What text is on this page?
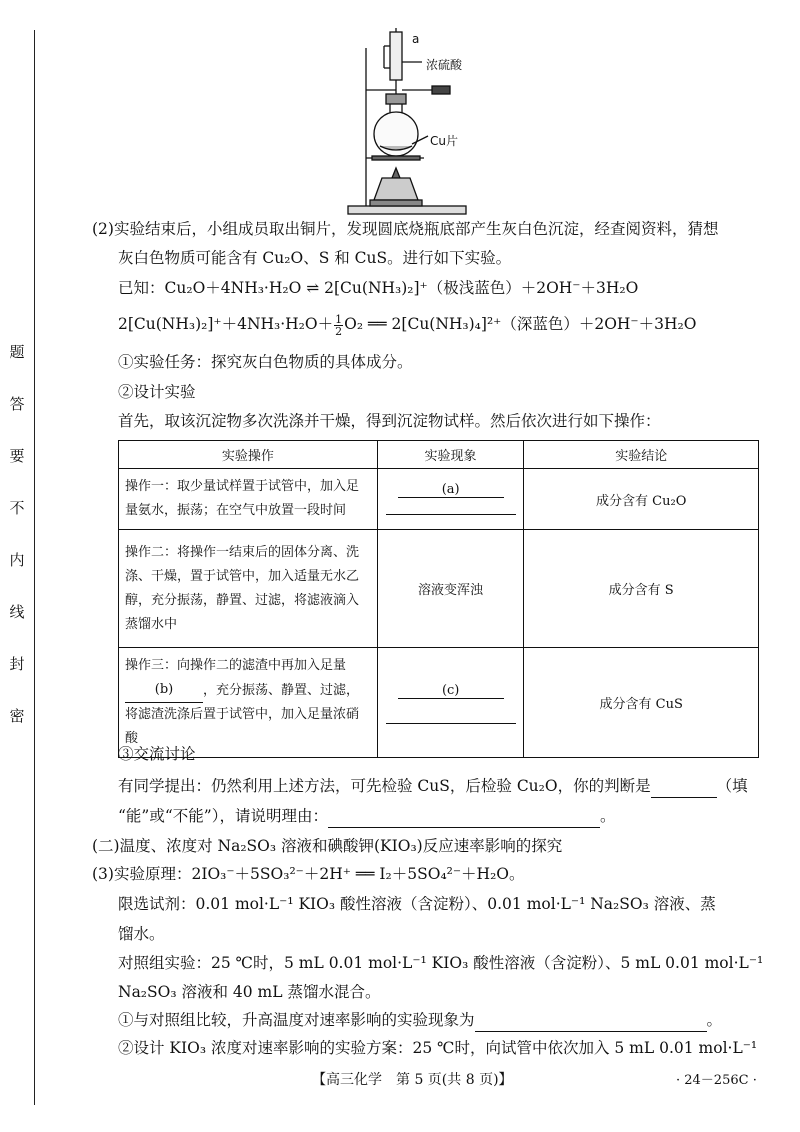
密
封
线
内
不
要
答
题
a
浓硫酸
Cu片
(2)实验结束后，小组成员取出铜片，发现圆底烧瓶底部产生灰白色沉淀，经查阅资料，猜想
灰白色物质可能含有 Cu₂O、S 和 CuS。进行如下实验。
已知：Cu₂O＋4NH₃·H₂O ⇌ 2[Cu(NH₃)₂]⁺（极浅蓝色）＋2OH⁻＋3H₂O
$2[Cu(NH_3)_2]^++4NH_3\cdot H_2O+ \frac{1}{2} O_2$ ══ 2[Cu(NH₃)₄]²⁺（深蓝色）＋2OH⁻＋3H₂O
①实验任务：探究灰白色物质的具体成分。
②设计实验
首先，取该沉淀物多次洗涤并干燥，得到沉淀物试样。然后依次进行如下操作：
实验操作	实验现象	实验结论
操作一：取少量试样置于试管中，加入足量氨水，振荡；在空气中放置一段时间	(a)	成分含有 Cu₂O
操作二：将操作一结束后的固体分离、洗涤、干燥，置于试管中，加入适量无水乙醇，充分振荡，静置、过滤，将滤液滴入蒸馏水中	溶液变浑浊	成分含有 S
操作三：向操作二的滤渣中再加入足量(b) ，充分振荡、静置、过滤，将滤渣洗涤后置于试管中，加入足量浓硝酸	(c)	成分含有 CuS
③交流讨论
有同学提出：仍然利用上述方法，可先检验 CuS，后检验 Cu₂O，你的判断是	（填
“能”或“不能”），请说明理由：	。
(二)温度、浓度对 Na₂SO₃ 溶液和碘酸钾(KIO₃)反应速率影响的探究
(3)实验原理：2IO₃⁻＋5SO₃²⁻＋2H⁺ ══ I₂＋5SO₄²⁻＋H₂O。
限选试剂：0.01 mol·L⁻¹ KIO₃ 酸性溶液（含淀粉）、0.01 mol·L⁻¹ Na₂SO₃ 溶液、蒸
馏水。
对照组实验：25 ℃时，5 mL 0.01 mol·L⁻¹ KIO₃ 酸性溶液（含淀粉）、5 mL 0.01 mol·L⁻¹
Na₂SO₃ 溶液和 40 mL 蒸馏水混合。
①与对照组比较，升高温度对速率影响的实验现象为	。
②设计 KIO₃ 浓度对速率影响的实验方案：25 ℃时，向试管中依次加入 5 mL 0.01 mol·L⁻¹
【高三化学　第 5 页(共 8 页)】	· 24－256C ·
